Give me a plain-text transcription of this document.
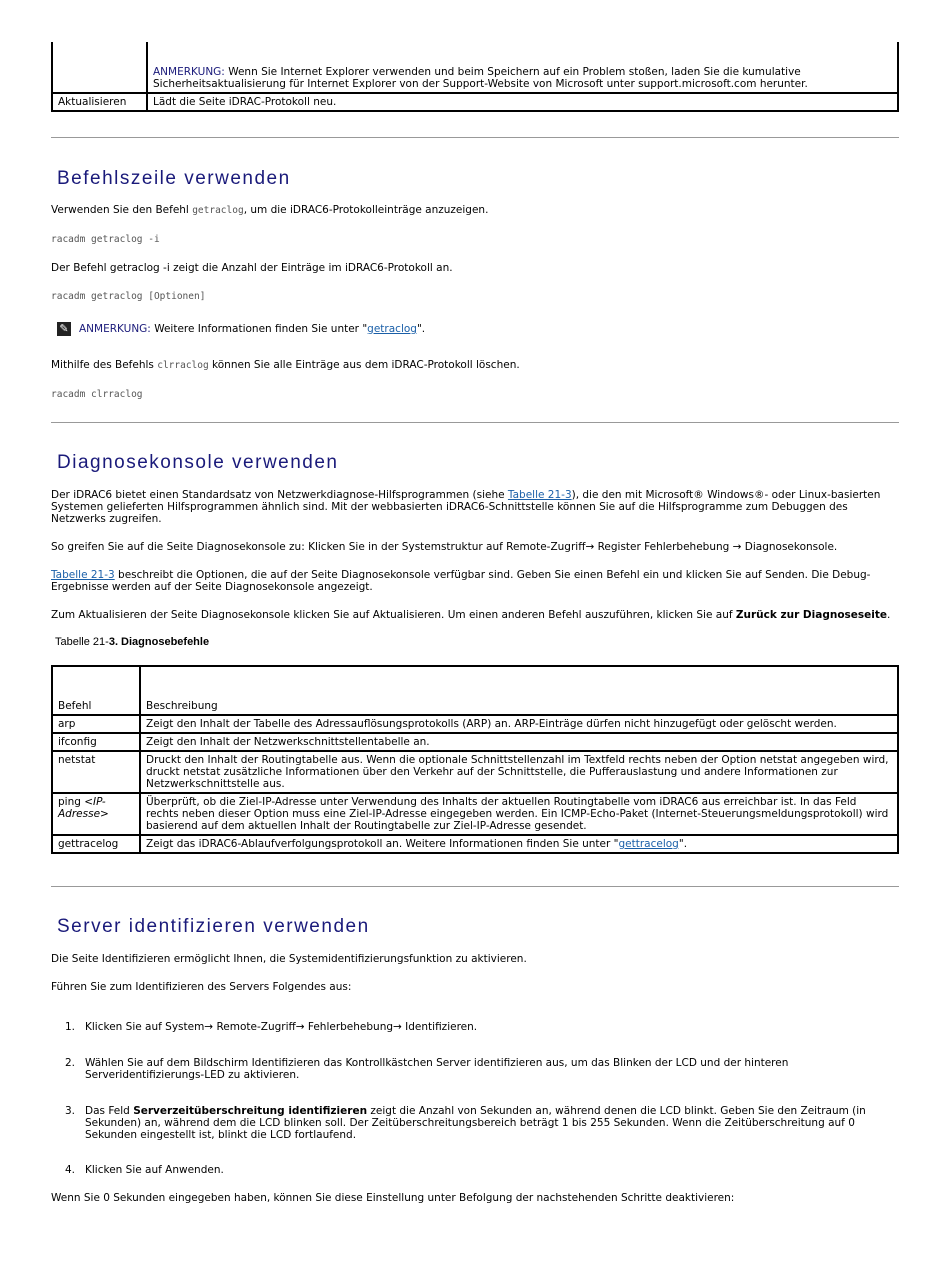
	ANMERKUNG: Wenn Sie Internet Explorer verwenden und beim Speichern auf ein Problem stoßen, laden Sie die kumulative Sicherheitsaktualisierung für Internet Explorer von der Support-Website von Microsoft unter support.microsoft.com herunter.
Aktualisieren	Lädt die Seite iDRAC-Protokoll neu.
Befehlszeile verwenden

Verwenden Sie den Befehl getraclog, um die iDRAC6-Protokolleinträge anzuzeigen.

racadm getraclog -i

Der Befehl getraclog -i zeigt die Anzahl der Einträge im iDRAC6-Protokoll an.

racadm getraclog [Optionen]

✎ ANMERKUNG: Weitere Informationen finden Sie unter "getraclog".

Mithilfe des Befehls clrraclog können Sie alle Einträge aus dem iDRAC-Protokoll löschen.

racadm clrraclog

Diagnosekonsole verwenden

Der iDRAC6 bietet einen Standardsatz von Netzwerkdiagnose-Hilfsprogrammen (siehe Tabelle 21-3), die den mit Microsoft® Windows®- oder Linux-basierten Systemen gelieferten Hilfsprogrammen ähnlich sind. Mit der webbasierten iDRAC6-Schnittstelle können Sie auf die Hilfsprogramme zum Debuggen des Netzwerks zugreifen.

So greifen Sie auf die Seite Diagnosekonsole zu: Klicken Sie in der Systemstruktur auf Remote-Zugriff→ Register Fehlerbehebung → Diagnosekonsole.

Tabelle 21-3 beschreibt die Optionen, die auf der Seite Diagnosekonsole verfügbar sind. Geben Sie einen Befehl ein und klicken Sie auf Senden. Die Debug-Ergebnisse werden auf der Seite Diagnosekonsole angezeigt.

Zum Aktualisieren der Seite Diagnosekonsole klicken Sie auf Aktualisieren. Um einen anderen Befehl auszuführen, klicken Sie auf Zurück zur Diagnoseseite.

Tabelle 21-3. Diagnosebefehle

Befehl	Beschreibung
arp	Zeigt den Inhalt der Tabelle des Adressauflösungsprotokolls (ARP) an. ARP-Einträge dürfen nicht hinzugefügt oder gelöscht werden.
ifconfig	Zeigt den Inhalt der Netzwerkschnittstellentabelle an.
netstat	Druckt den Inhalt der Routingtabelle aus. Wenn die optionale Schnittstellenzahl im Textfeld rechts neben der Option netstat angegeben wird, druckt netstat zusätzliche Informationen über den Verkehr auf der Schnittstelle, die Pufferauslastung und andere Informationen zur Netzwerkschnittstelle aus.
ping <IP-Adresse>	Überprüft, ob die Ziel-IP-Adresse unter Verwendung des Inhalts der aktuellen Routingtabelle vom iDRAC6 aus erreichbar ist. In das Feld rechts neben dieser Option muss eine Ziel-IP-Adresse eingegeben werden. Ein ICMP-Echo-Paket (Internet-Steuerungsmeldungsprotokoll) wird basierend auf dem aktuellen Inhalt der Routingtabelle zur Ziel-IP-Adresse gesendet.
gettracelog	Zeigt das iDRAC6-Ablaufverfolgungsprotokoll an. Weitere Informationen finden Sie unter "gettracelog".
Server identifizieren verwenden

Die Seite Identifizieren ermöglicht Ihnen, die Systemidentifizierungsfunktion zu aktivieren.

Führen Sie zum Identifizieren des Servers Folgendes aus:

1. Klicken Sie auf System→ Remote-Zugriff→ Fehlerbehebung→ Identifizieren.
2. Wählen Sie auf dem Bildschirm Identifizieren das Kontrollkästchen Server identifizieren aus, um das Blinken der LCD und der hinteren Serveridentifizierungs-LED zu aktivieren.
3. Das Feld Serverzeitüberschreitung identifizieren zeigt die Anzahl von Sekunden an, während denen die LCD blinkt. Geben Sie den Zeitraum (in Sekunden) an, während dem die LCD blinken soll. Der Zeitüberschreitungsbereich beträgt 1 bis 255 Sekunden. Wenn die Zeitüberschreitung auf 0 Sekunden eingestellt ist, blinkt die LCD fortlaufend.
4. Klicken Sie auf Anwenden.

Wenn Sie 0 Sekunden eingegeben haben, können Sie diese Einstellung unter Befolgung der nachstehenden Schritte deaktivieren:
